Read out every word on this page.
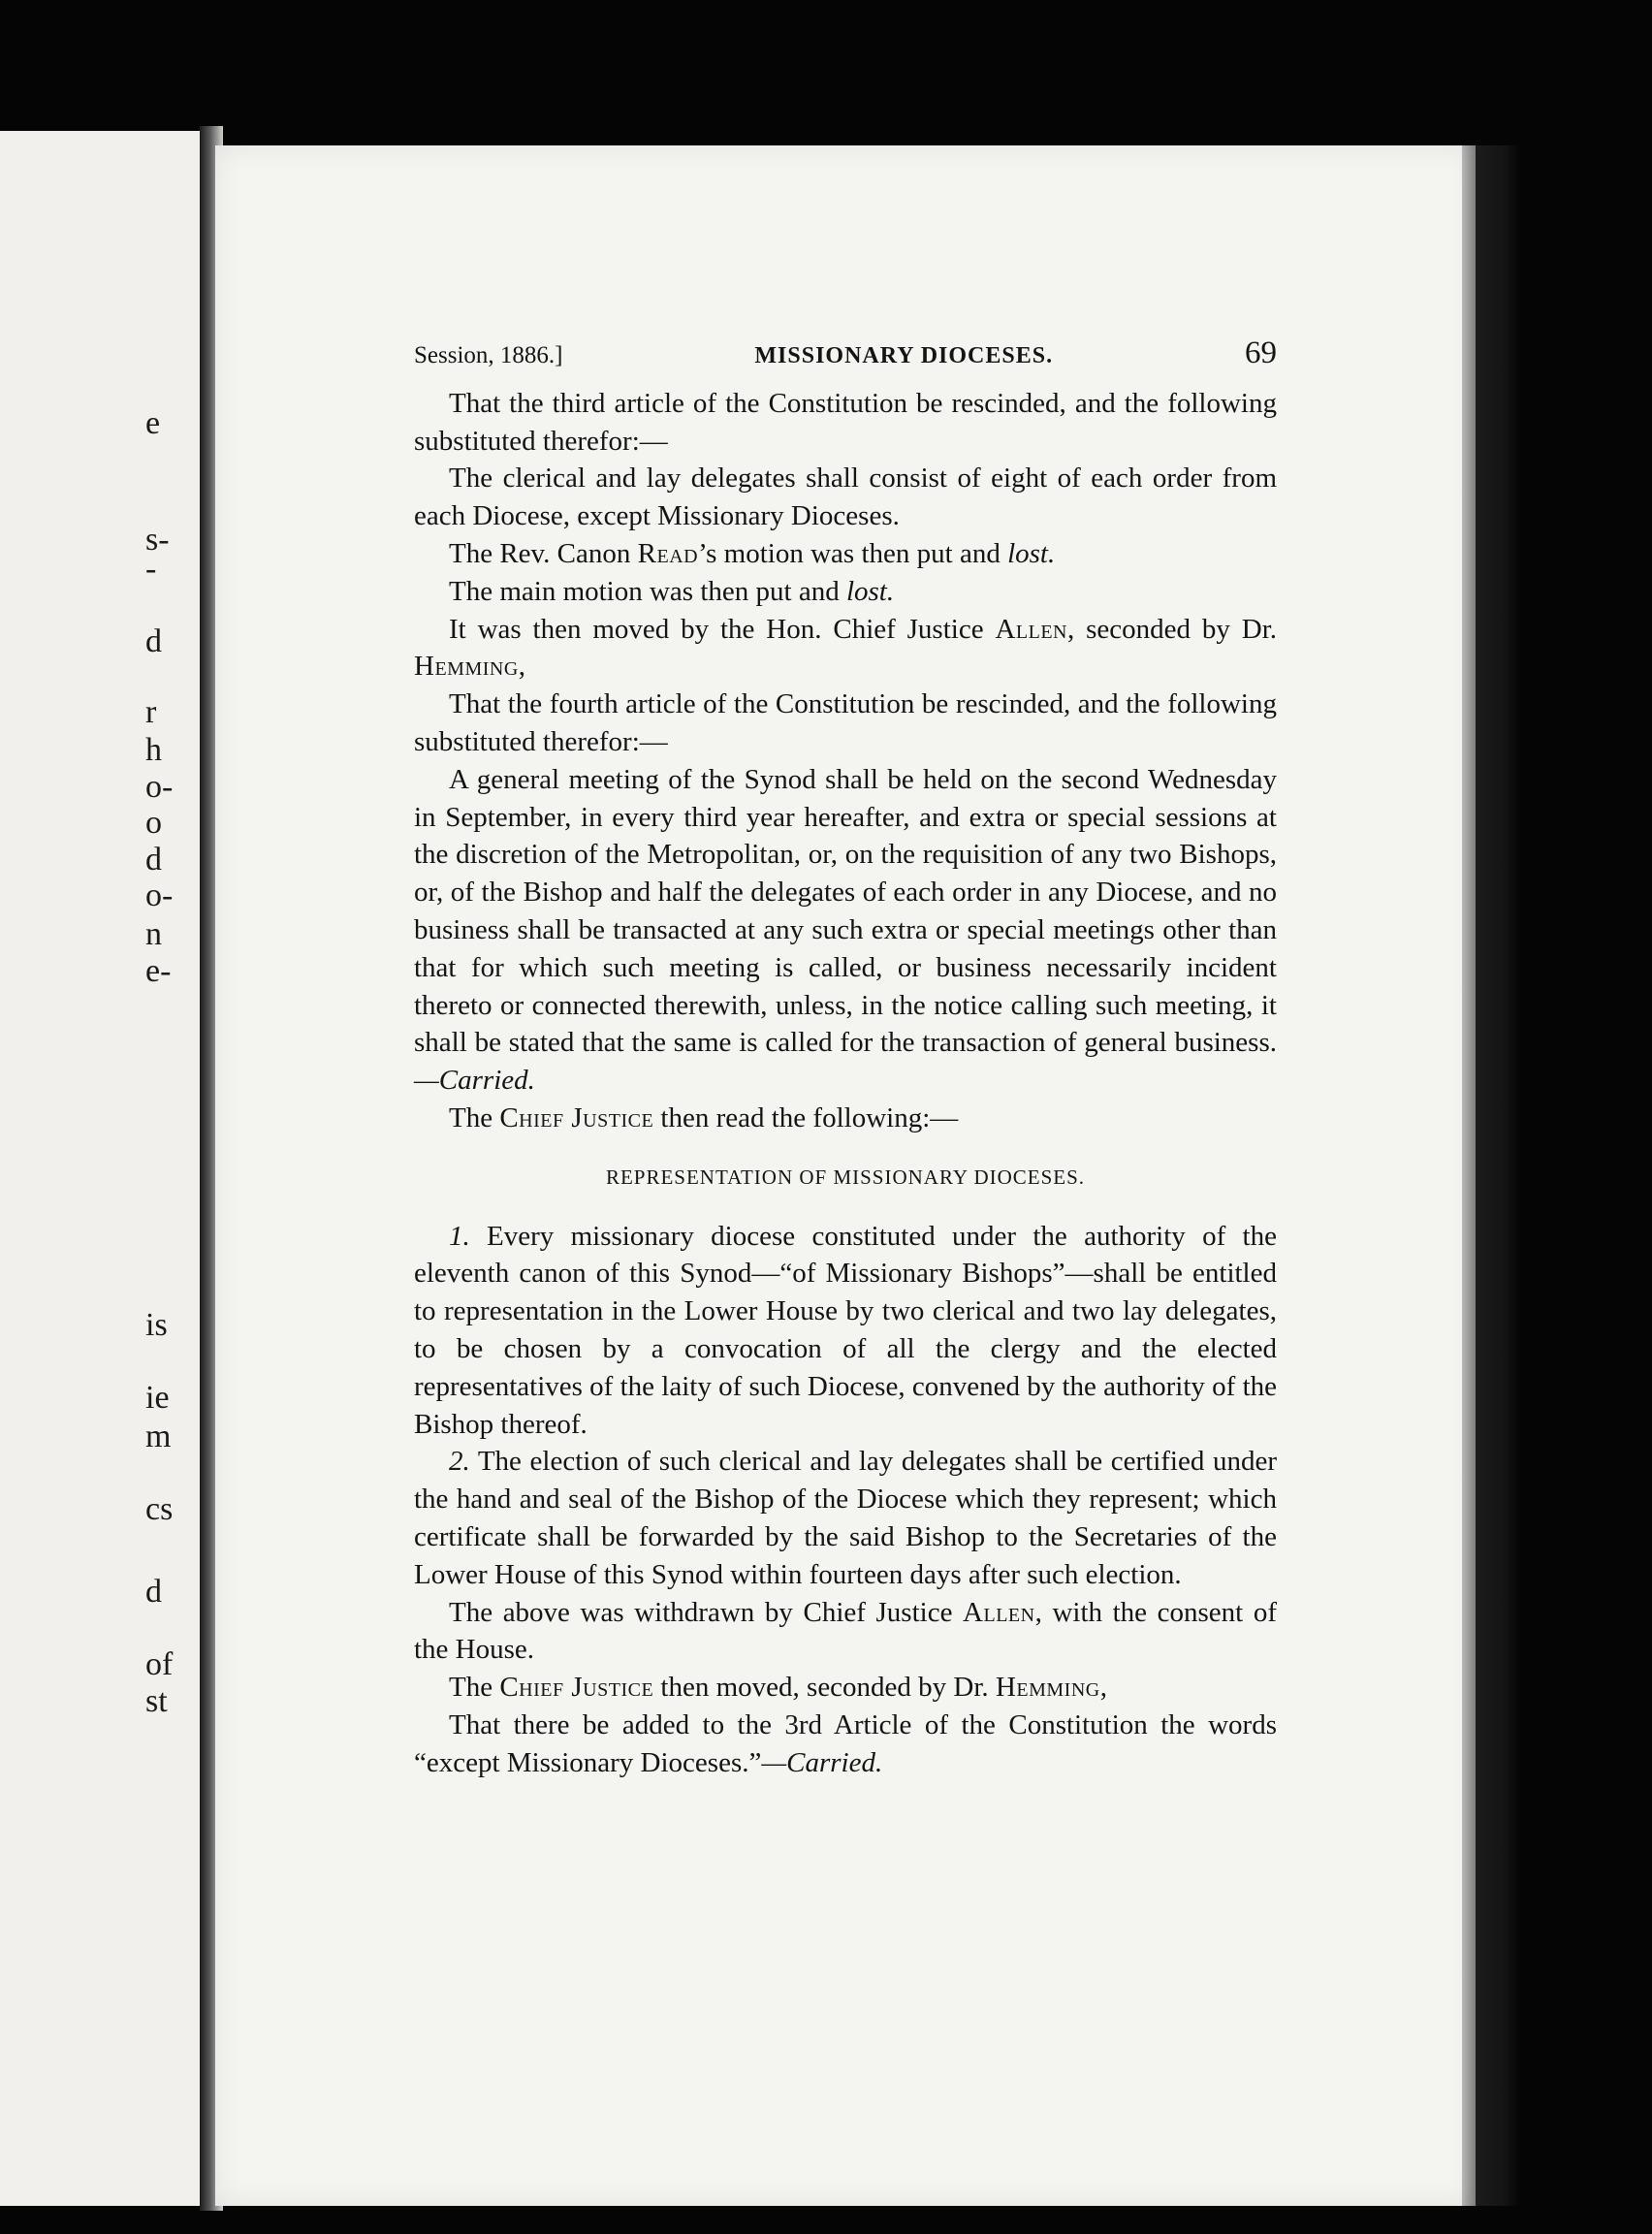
s-
e
-
d
r
h
o-
o
d
o-
n
e-
is
ie
m
cs
d
of
st
Session, 1886.]	MISSIONARY DIOCESES.	69

That the third article of the Constitution be rescinded, and the following substituted therefor:—

The clerical and lay delegates shall consist of eight of each order from each Diocese, except Missionary Dioceses.

The Rev. Canon Read’s motion was then put and lost.

The main motion was then put and lost.

It was then moved by the Hon. Chief Justice Allen, seconded by Dr. Hemming,

That the fourth article of the Constitution be rescinded, and the following substituted therefor:—

A general meeting of the Synod shall be held on the second Wednesday in September, in every third year hereafter, and extra or special sessions at the discretion of the Metropolitan, or, on the requisition of any two Bishops, or, of the Bishop and half the delegates of each order in any Diocese, and no business shall be transacted at any such extra or special meetings other than that for which such meeting is called, or business necessarily incident thereto or connected therewith, unless, in the notice calling such meeting, it shall be stated that the same is called for the transaction of general business.—Carried.

The Chief Justice then read the following:—

REPRESENTATION OF MISSIONARY DIOCESES.

1. Every missionary diocese constituted under the authority of the eleventh canon of this Synod—“of Missionary Bishops”—shall be entitled to representation in the Lower House by two clerical and two lay delegates, to be chosen by a convocation of all the clergy and the elected representatives of the laity of such Diocese, convened by the authority of the Bishop thereof.

2. The election of such clerical and lay delegates shall be certified under the hand and seal of the Bishop of the Diocese which they represent; which certificate shall be forwarded by the said Bishop to the Secretaries of the Lower House of this Synod within fourteen days after such election.

The above was withdrawn by Chief Justice Allen, with the consent of the House.

The Chief Justice then moved, seconded by Dr. Hemming,

That there be added to the 3rd Article of the Constitution the words “except Missionary Dioceses.”—Carried.
